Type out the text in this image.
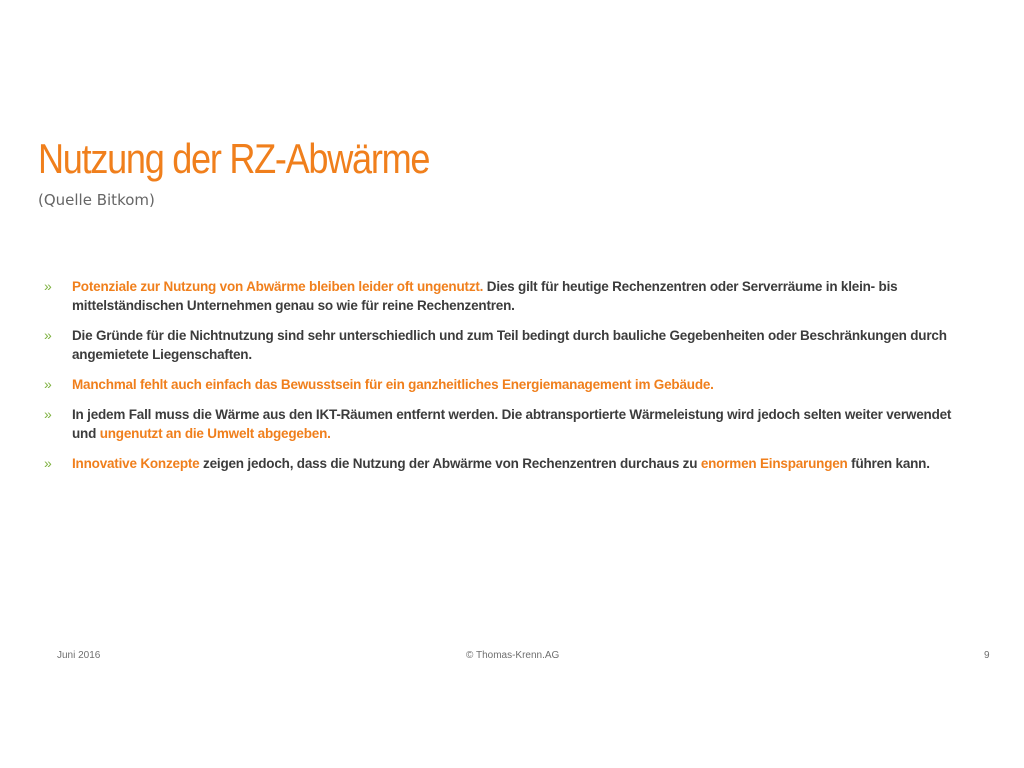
Nutzung der RZ-Abwärme

(Quelle Bitkom)

» Potenziale zur Nutzung von Abwärme bleiben leider oft ungenutzt. Dies gilt für heutige Rechenzentren oder Serverräume in klein- bis mittelständischen Unternehmen genau so wie für reine Rechenzentren.
» Die Gründe für die Nichtnutzung sind sehr unterschiedlich und zum Teil bedingt durch bauliche Gegebenheiten oder Beschränkungen durch angemietete Liegenschaften.
» Manchmal fehlt auch einfach das Bewusstsein für ein ganzheitliches Energiemanagement im Gebäude.
» In jedem Fall muss die Wärme aus den IKT-Räumen entfernt werden. Die abtransportierte Wärmeleistung wird jedoch selten weiter verwendet und ungenutzt an die Umwelt abgegeben.
» Innovative Konzepte zeigen jedoch, dass die Nutzung der Abwärme von Rechenzentren durchaus zu enormen Einsparungen führen kann.
Juni 2016	© Thomas-Krenn.AG	9
